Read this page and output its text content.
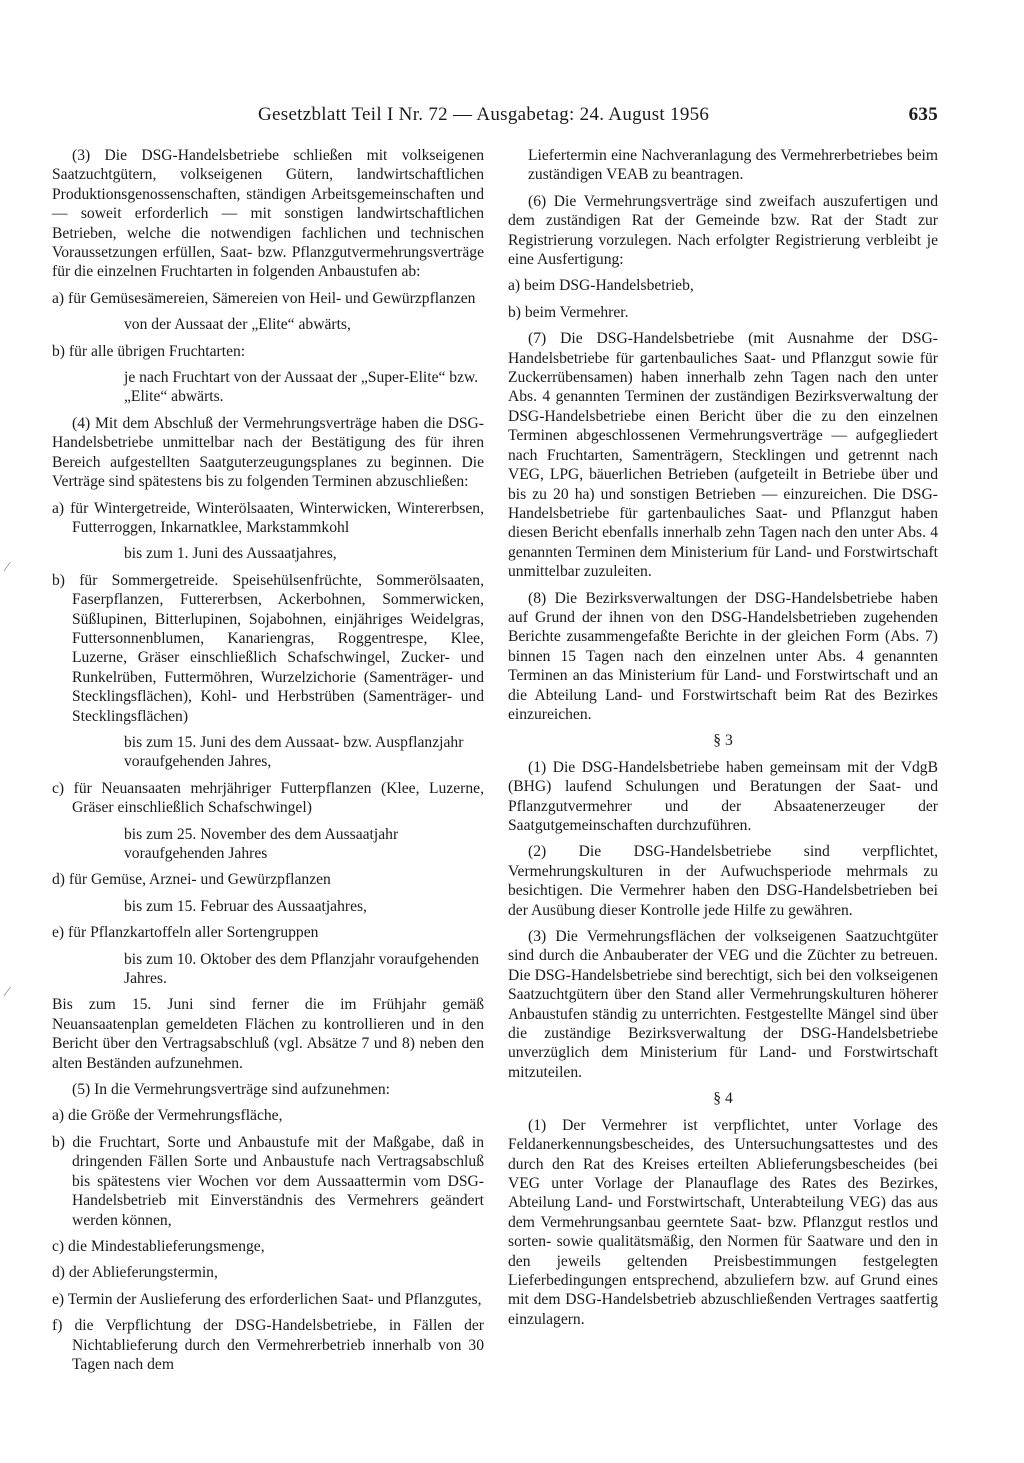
Gesetzblatt Teil I Nr. 72 — Ausgabetag: 24. August 1956	635

(3) Die DSG-Handelsbetriebe schließen mit volkseigenen Saatzuchtgütern, volkseigenen Gütern, landwirtschaftlichen Produktionsgenossenschaften, ständigen Arbeitsgemeinschaften und — soweit erforderlich — mit sonstigen landwirtschaftlichen Betrieben, welche die notwendigen fachlichen und technischen Voraussetzungen erfüllen, Saat- bzw. Pflanzgutvermehrungsverträge für die einzelnen Fruchtarten in folgenden Anbaustufen ab:

a) für Gemüsesämereien, Sämereien von Heil- und Gewürzpflanzen

von der Aussaat der „Elite“ abwärts,

b) für alle übrigen Fruchtarten:

je nach Fruchtart von der Aussaat der „Super-Elite“ bzw. „Elite“ abwärts.

(4) Mit dem Abschluß der Vermehrungsverträge haben die DSG-Handelsbetriebe unmittelbar nach der Bestätigung des für ihren Bereich aufgestellten Saatguterzeugungsplanes zu beginnen. Die Verträge sind spätestens bis zu folgenden Terminen abzuschließen:

a) für Wintergetreide, Winterölsaaten, Winterwicken, Wintererbsen, Futterroggen, Inkarnatklee, Markstammkohl

bis zum 1. Juni des Aussaatjahres,

b) für Sommergetreide. Speisehülsenfrüchte, Sommerölsaaten, Faserpflanzen, Futtererbsen, Ackerbohnen, Sommerwicken, Süßlupinen, Bitterlupinen, Sojabohnen, einjähriges Weidelgras, Futtersonnenblumen, Kanariengras, Roggentrespe, Klee, Luzerne, Gräser einschließlich Schafschwingel, Zucker- und Runkelrüben, Futtermöhren, Wurzelzichorie (Samenträger- und Stecklingsflächen), Kohl- und Herbstrüben (Samenträger- und Stecklingsflächen)

bis zum 15. Juni des dem Aussaat- bzw. Auspflanzjahr voraufgehenden Jahres,

c) für Neuansaaten mehrjähriger Futterpflanzen (Klee, Luzerne, Gräser einschließlich Schafschwingel)

bis zum 25. November des dem Aussaatjahr voraufgehenden Jahres

d) für Gemüse, Arznei- und Gewürzpflanzen

bis zum 15. Februar des Aussaatjahres,

e) für Pflanzkartoffeln aller Sortengruppen

bis zum 10. Oktober des dem Pflanzjahr voraufgehenden Jahres.

Bis zum 15. Juni sind ferner die im Frühjahr gemäß Neuansaatenplan gemeldeten Flächen zu kontrollieren und in den Bericht über den Vertragsabschluß (vgl. Absätze 7 und 8) neben den alten Beständen aufzunehmen.

(5) In die Vermehrungsverträge sind aufzunehmen:

a) die Größe der Vermehrungsfläche,

b) die Fruchtart, Sorte und Anbaustufe mit der Maßgabe, daß in dringenden Fällen Sorte und Anbaustufe nach Vertragsabschluß bis spätestens vier Wochen vor dem Aussaattermin vom DSG-Handelsbetrieb mit Einverständnis des Vermehrers geändert werden können,

c) die Mindestablieferungsmenge,

d) der Ablieferungstermin,

e) Termin der Auslieferung des erforderlichen Saat- und Pflanzgutes,

f) die Verpflichtung der DSG-Handelsbetriebe, in Fällen der Nichtablieferung durch den Vermehrerbetrieb innerhalb von 30 Tagen nach dem

Liefertermin eine Nachveranlagung des Vermehrerbetriebes beim zuständigen VEAB zu beantragen.

(6) Die Vermehrungsverträge sind zweifach auszufertigen und dem zuständigen Rat der Gemeinde bzw. Rat der Stadt zur Registrierung vorzulegen. Nach erfolgter Registrierung verbleibt je eine Ausfertigung:

a) beim DSG-Handelsbetrieb,

b) beim Vermehrer.

(7) Die DSG-Handelsbetriebe (mit Ausnahme der DSG-Handelsbetriebe für gartenbauliches Saat- und Pflanzgut sowie für Zuckerrübensamen) haben innerhalb zehn Tagen nach den unter Abs. 4 genannten Terminen der zuständigen Bezirksverwaltung der DSG-Handelsbetriebe einen Bericht über die zu den einzelnen Terminen abgeschlossenen Vermehrungsverträge — aufgegliedert nach Fruchtarten, Samenträgern, Stecklingen und getrennt nach VEG, LPG, bäuerlichen Betrieben (aufgeteilt in Betriebe über und bis zu 20 ha) und sonstigen Betrieben — einzureichen. Die DSG-Handelsbetriebe für gartenbauliches Saat- und Pflanzgut haben diesen Bericht ebenfalls innerhalb zehn Tagen nach den unter Abs. 4 genannten Terminen dem Ministerium für Land- und Forstwirtschaft unmittelbar zuzuleiten.

(8) Die Bezirksverwaltungen der DSG-Handelsbetriebe haben auf Grund der ihnen von den DSG-Handelsbetrieben zugehenden Berichte zusammengefaßte Berichte in der gleichen Form (Abs. 7) binnen 15 Tagen nach den einzelnen unter Abs. 4 genannten Terminen an das Ministerium für Land- und Forstwirtschaft und an die Abteilung Land- und Forstwirtschaft beim Rat des Bezirkes einzureichen.

§ 3

(1) Die DSG-Handelsbetriebe haben gemeinsam mit der VdgB (BHG) laufend Schulungen und Beratungen der Saat- und Pflanzgutvermehrer und der Absaatenerzeuger der Saatgutgemeinschaften durchzuführen.

(2) Die DSG-Handelsbetriebe sind verpflichtet, Vermehrungskulturen in der Aufwuchsperiode mehrmals zu besichtigen. Die Vermehrer haben den DSG-Handelsbetrieben bei der Ausübung dieser Kontrolle jede Hilfe zu gewähren.

(3) Die Vermehrungsflächen der volkseigenen Saatzuchtgüter sind durch die Anbauberater der VEG und die Züchter zu betreuen. Die DSG-Handelsbetriebe sind berechtigt, sich bei den volkseigenen Saatzuchtgütern über den Stand aller Vermehrungskulturen höherer Anbaustufen ständig zu unterrichten. Festgestellte Mängel sind über die zuständige Bezirksverwaltung der DSG-Handelsbetriebe unverzüglich dem Ministerium für Land- und Forstwirtschaft mitzuteilen.

§ 4

(1) Der Vermehrer ist verpflichtet, unter Vorlage des Feldanerkennungsbescheides, des Untersuchungsattestes und des durch den Rat des Kreises erteilten Ablieferungsbescheides (bei VEG unter Vorlage der Planauflage des Rates des Bezirkes, Abteilung Land- und Forstwirtschaft, Unterabteilung VEG) das aus dem Vermehrungsanbau geerntete Saat- bzw. Pflanzgut restlos und sorten- sowie qualitätsmäßig, den Normen für Saatware und den in den jeweils geltenden Preisbestimmungen festgelegten Lieferbedingungen entsprechend, abzuliefern bzw. auf Grund eines mit dem DSG-Handelsbetrieb abzuschließenden Vertrages saatfertig einzulagern.

⁄
⁄
